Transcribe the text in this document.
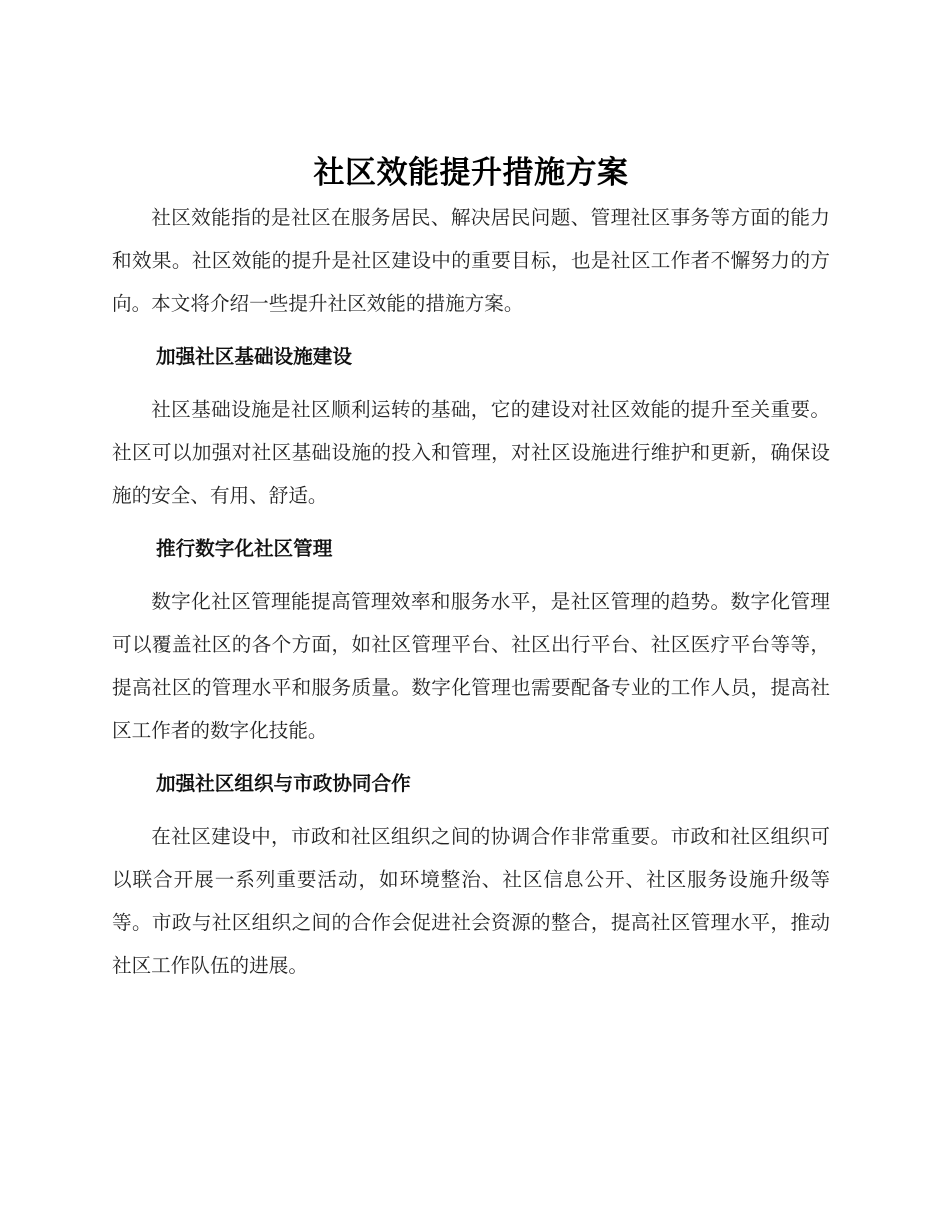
社区效能提升措施方案

社区效能指的是社区在服务居民、解决居民问题、管理社区事务等方面的能力和效果。社区效能的提升是社区建设中的重要目标，也是社区工作者不懈努力的方向。本文将介绍一些提升社区效能的措施方案。

加强社区基础设施建设

社区基础设施是社区顺利运转的基础，它的建设对社区效能的提升至关重要。社区可以加强对社区基础设施的投入和管理，对社区设施进行维护和更新，确保设施的安全、有用、舒适。

推行数字化社区管理

数字化社区管理能提高管理效率和服务水平，是社区管理的趋势。数字化管理可以覆盖社区的各个方面，如社区管理平台、社区出行平台、社区医疗平台等等，提高社区的管理水平和服务质量。数字化管理也需要配备专业的工作人员，提高社区工作者的数字化技能。

加强社区组织与市政协同合作

在社区建设中，市政和社区组织之间的协调合作非常重要。市政和社区组织可以联合开展一系列重要活动，如环境整治、社区信息公开、社区服务设施升级等等。市政与社区组织之间的合作会促进社会资源的整合，提高社区管理水平，推动社区工作队伍的进展。
